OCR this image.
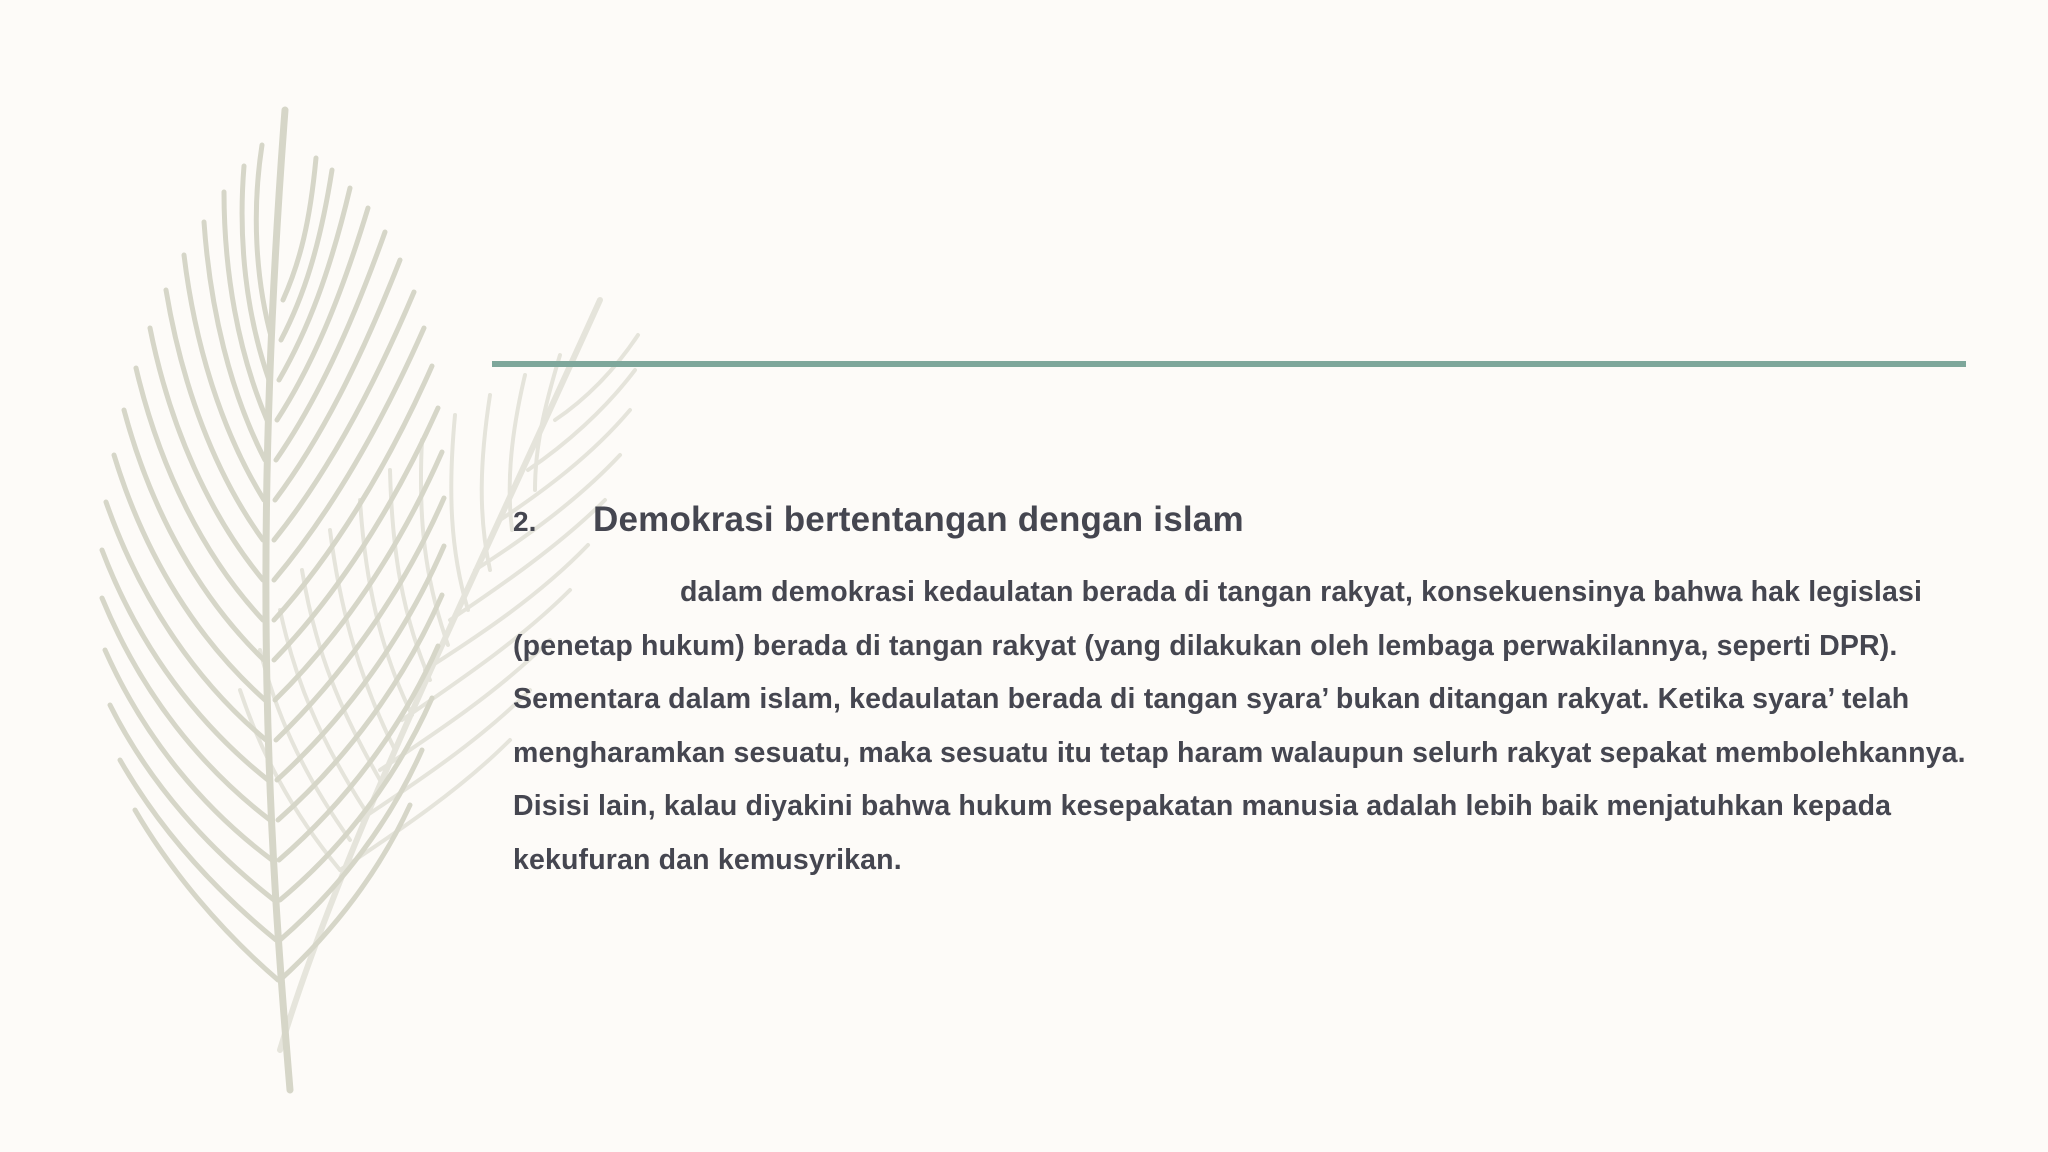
2.	Demokrasi bertentangan dengan islam

dalam demokrasi kedaulatan berada di tangan rakyat, konsekuensinya bahwa hak legislasi (penetap hukum) berada di tangan rakyat (yang dilakukan oleh lembaga perwakilannya, seperti DPR). Sementara dalam islam, kedaulatan berada di tangan syara’ bukan ditangan rakyat. Ketika syara’ telah mengharamkan sesuatu, maka sesuatu itu tetap haram walaupun selurh rakyat sepakat membolehkannya. Disisi lain, kalau diyakini bahwa hukum kesepakatan manusia adalah lebih baik menjatuhkan kepada kekufuran dan kemusyrikan.
